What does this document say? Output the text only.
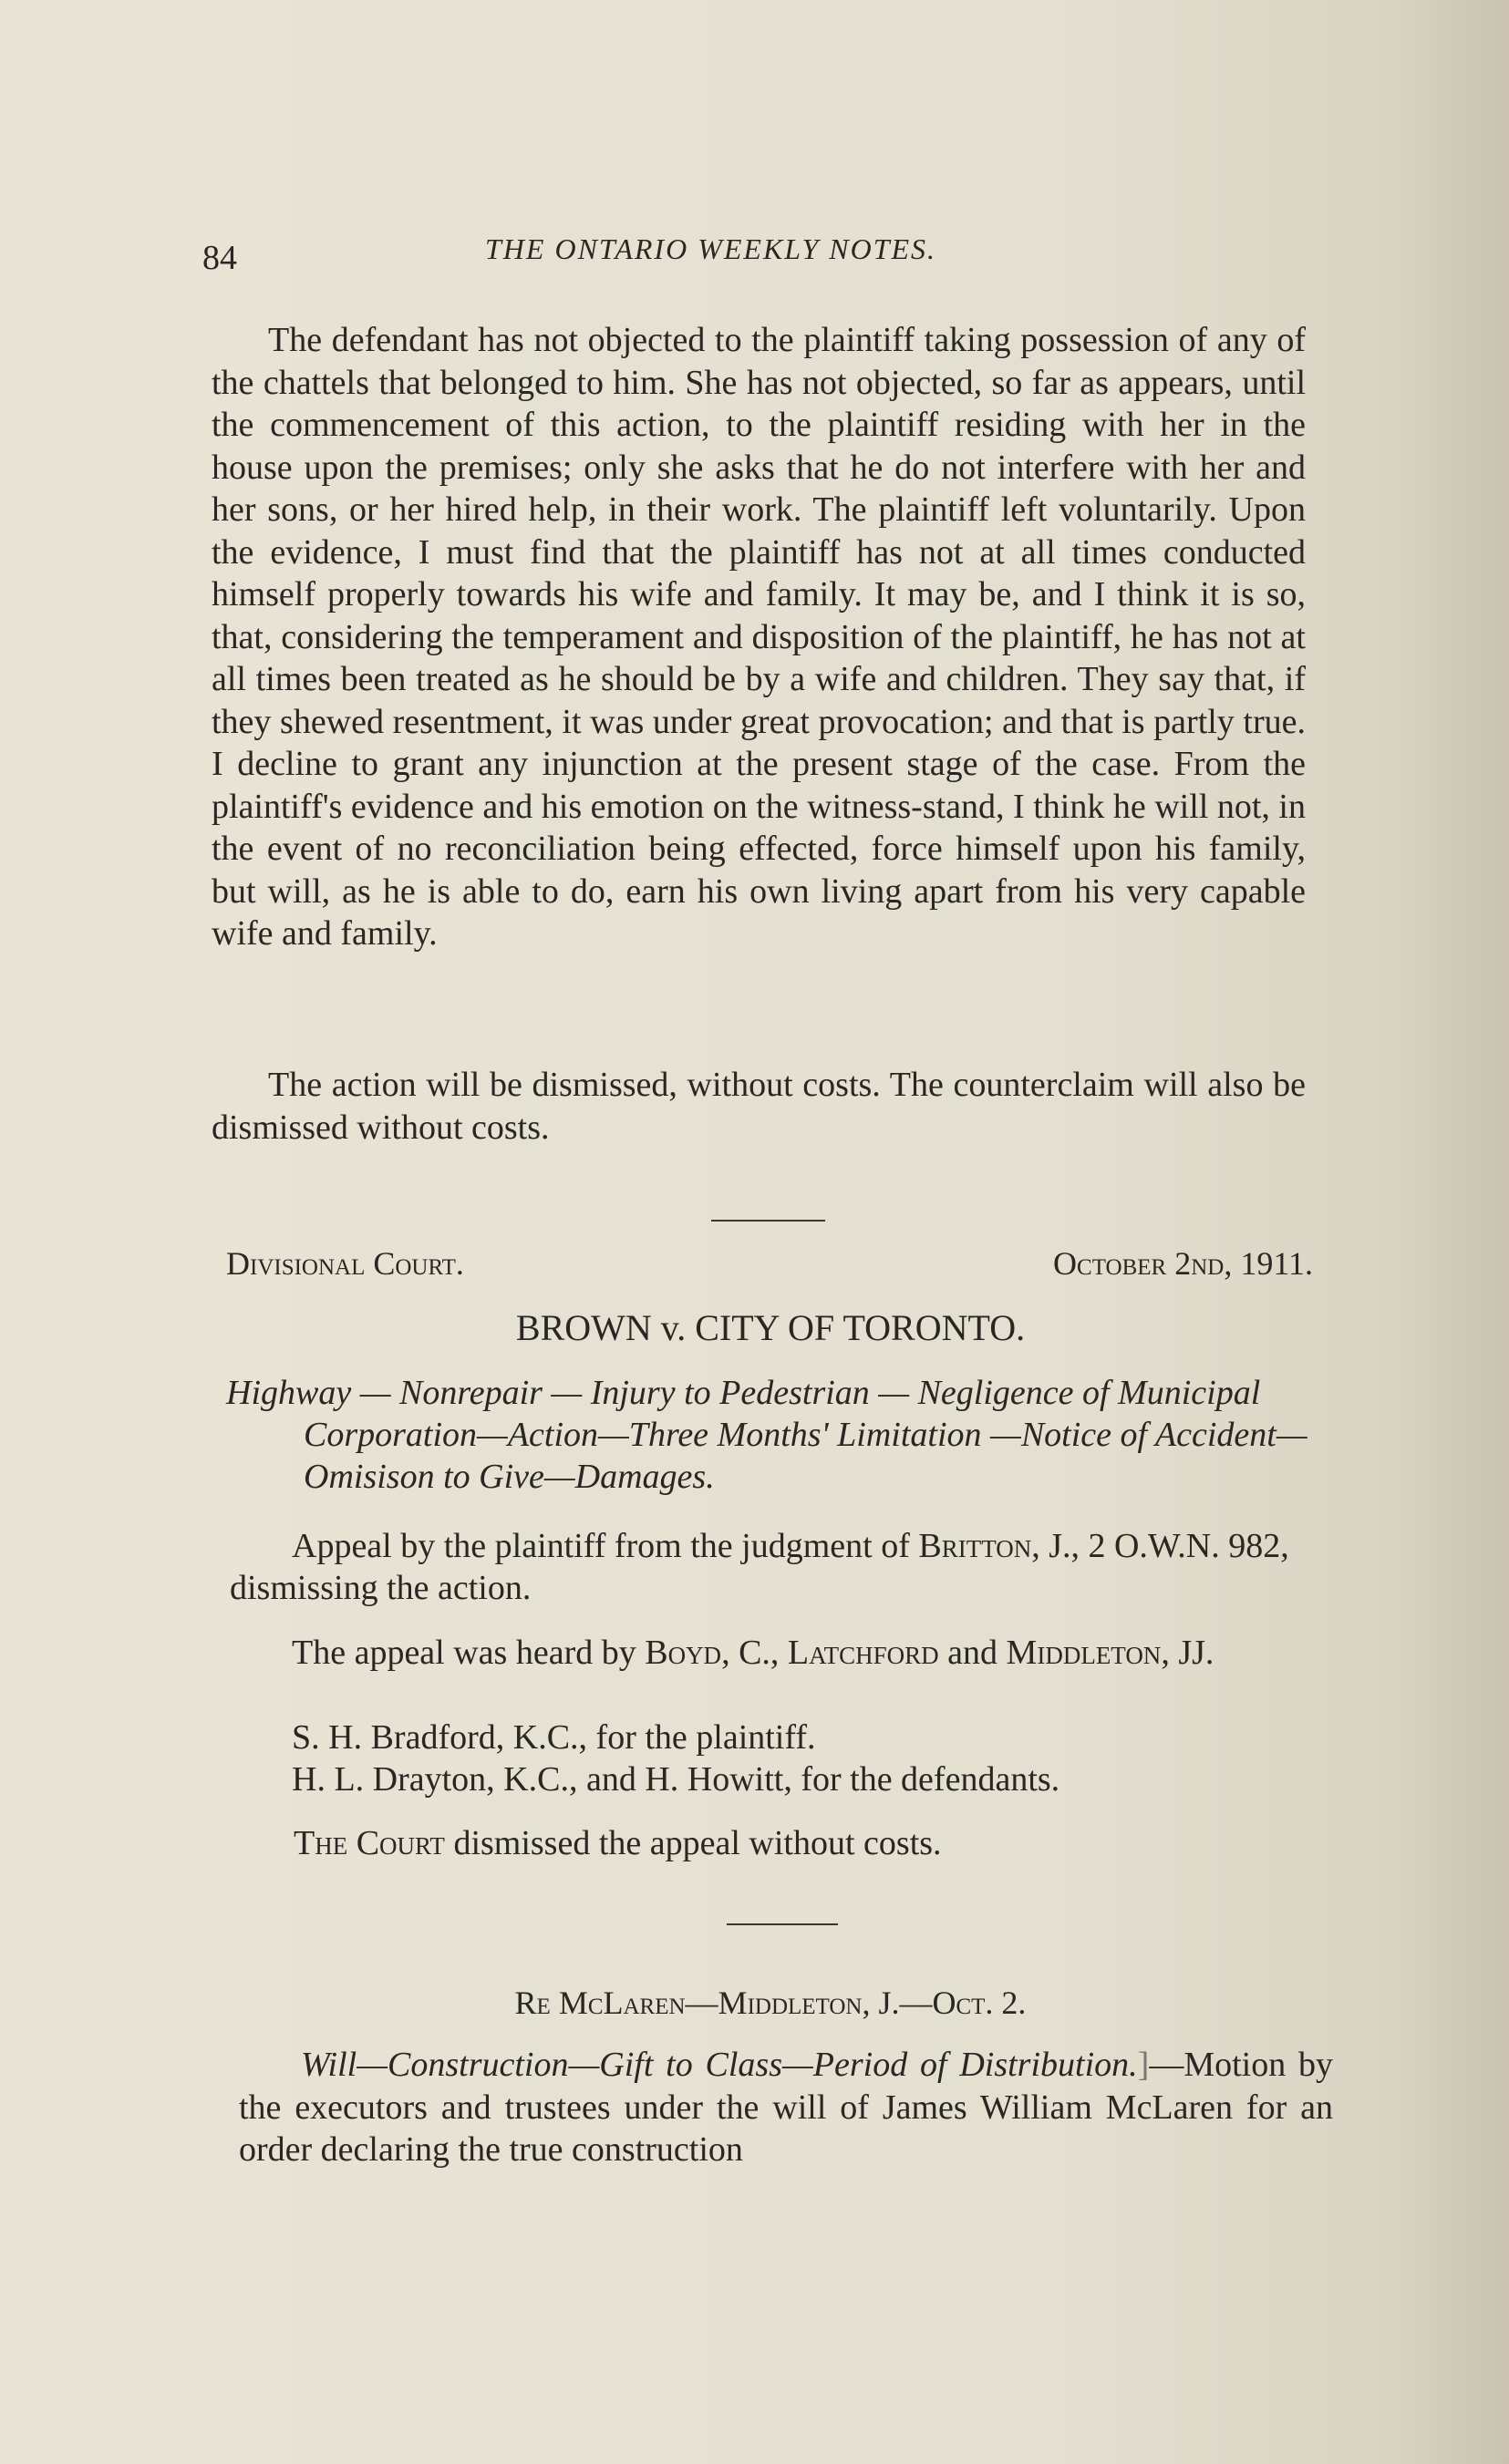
84	THE ONTARIO WEEKLY NOTES.

The defendant has not objected to the plaintiff taking possession of any of the chattels that belonged to him. She has not objected, so far as appears, until the commencement of this action, to the plaintiff residing with her in the house upon the premises; only she asks that he do not interfere with her and her sons, or her hired help, in their work. The plaintiff left voluntarily. Upon the evidence, I must find that the plaintiff has not at all times conducted himself properly towards his wife and family. It may be, and I think it is so, that, considering the temperament and disposition of the plaintiff, he has not at all times been treated as he should be by a wife and children. They say that, if they shewed resentment, it was under great provocation; and that is partly true. I decline to grant any injunction at the present stage of the case. From the plaintiff's evidence and his emotion on the witness-stand, I think he will not, in the event of no reconciliation being effected, force himself upon his family, but will, as he is able to do, earn his own living apart from his very capable wife and family.

The action will be dismissed, without costs. The counterclaim will also be dismissed without costs.

Divisional Court.	October 2nd, 1911.
BROWN v. CITY OF TORONTO.
Highway — Nonrepair — Injury to Pedestrian — Negligence of Municipal Corporation—Action—Three Months' Limitation —Notice of Accident—Omisison to Give—Damages.

Appeal by the plaintiff from the judgment of Britton, J., 2 O.W.N. 982, dismissing the action.

The appeal was heard by Boyd, C., Latchford and Middleton, JJ.

S. H. Bradford, K.C., for the plaintiff.

H. L. Drayton, K.C., and H. Howitt, for the defendants.

The Court dismissed the appeal without costs.

Re McLaren—Middleton, J.—Oct. 2.

Will—Construction—Gift to Class—Period of Distribution.]—Motion by the executors and trustees under the will of James William McLaren for an order declaring the true construction
